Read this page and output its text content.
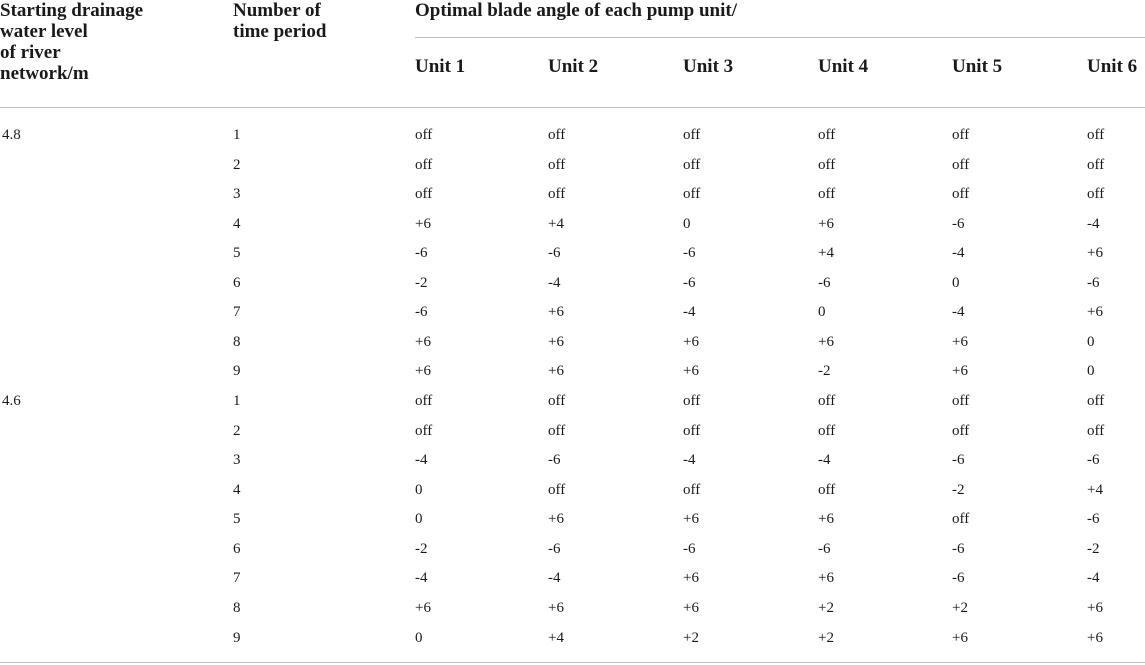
Starting drainage
water level
of river
network/m
Number of
time period
Optimal blade angle of each pump unit/
Unit 1	Unit 2	Unit 3	Unit 4	Unit 5	Unit 6
4.8	1	off	off	off	off	off	off
2	off	off	off	off	off	off
3	off	off	off	off	off	off
4	+6	+4	0	+6	-6	-4
5	-6	-6	-6	+4	-4	+6
6	-2	-4	-6	-6	0	-6
7	-6	+6	-4	0	-4	+6
8	+6	+6	+6	+6	+6	0
9	+6	+6	+6	-2	+6	0
4.6	1	off	off	off	off	off	off
2	off	off	off	off	off	off
3	-4	-6	-4	-4	-6	-6
4	0	off	off	off	-2	+4
5	0	+6	+6	+6	off	-6
6	-2	-6	-6	-6	-6	-2
7	-4	-4	+6	+6	-6	-4
8	+6	+6	+6	+2	+2	+6
9	0	+4	+2	+2	+6	+6
